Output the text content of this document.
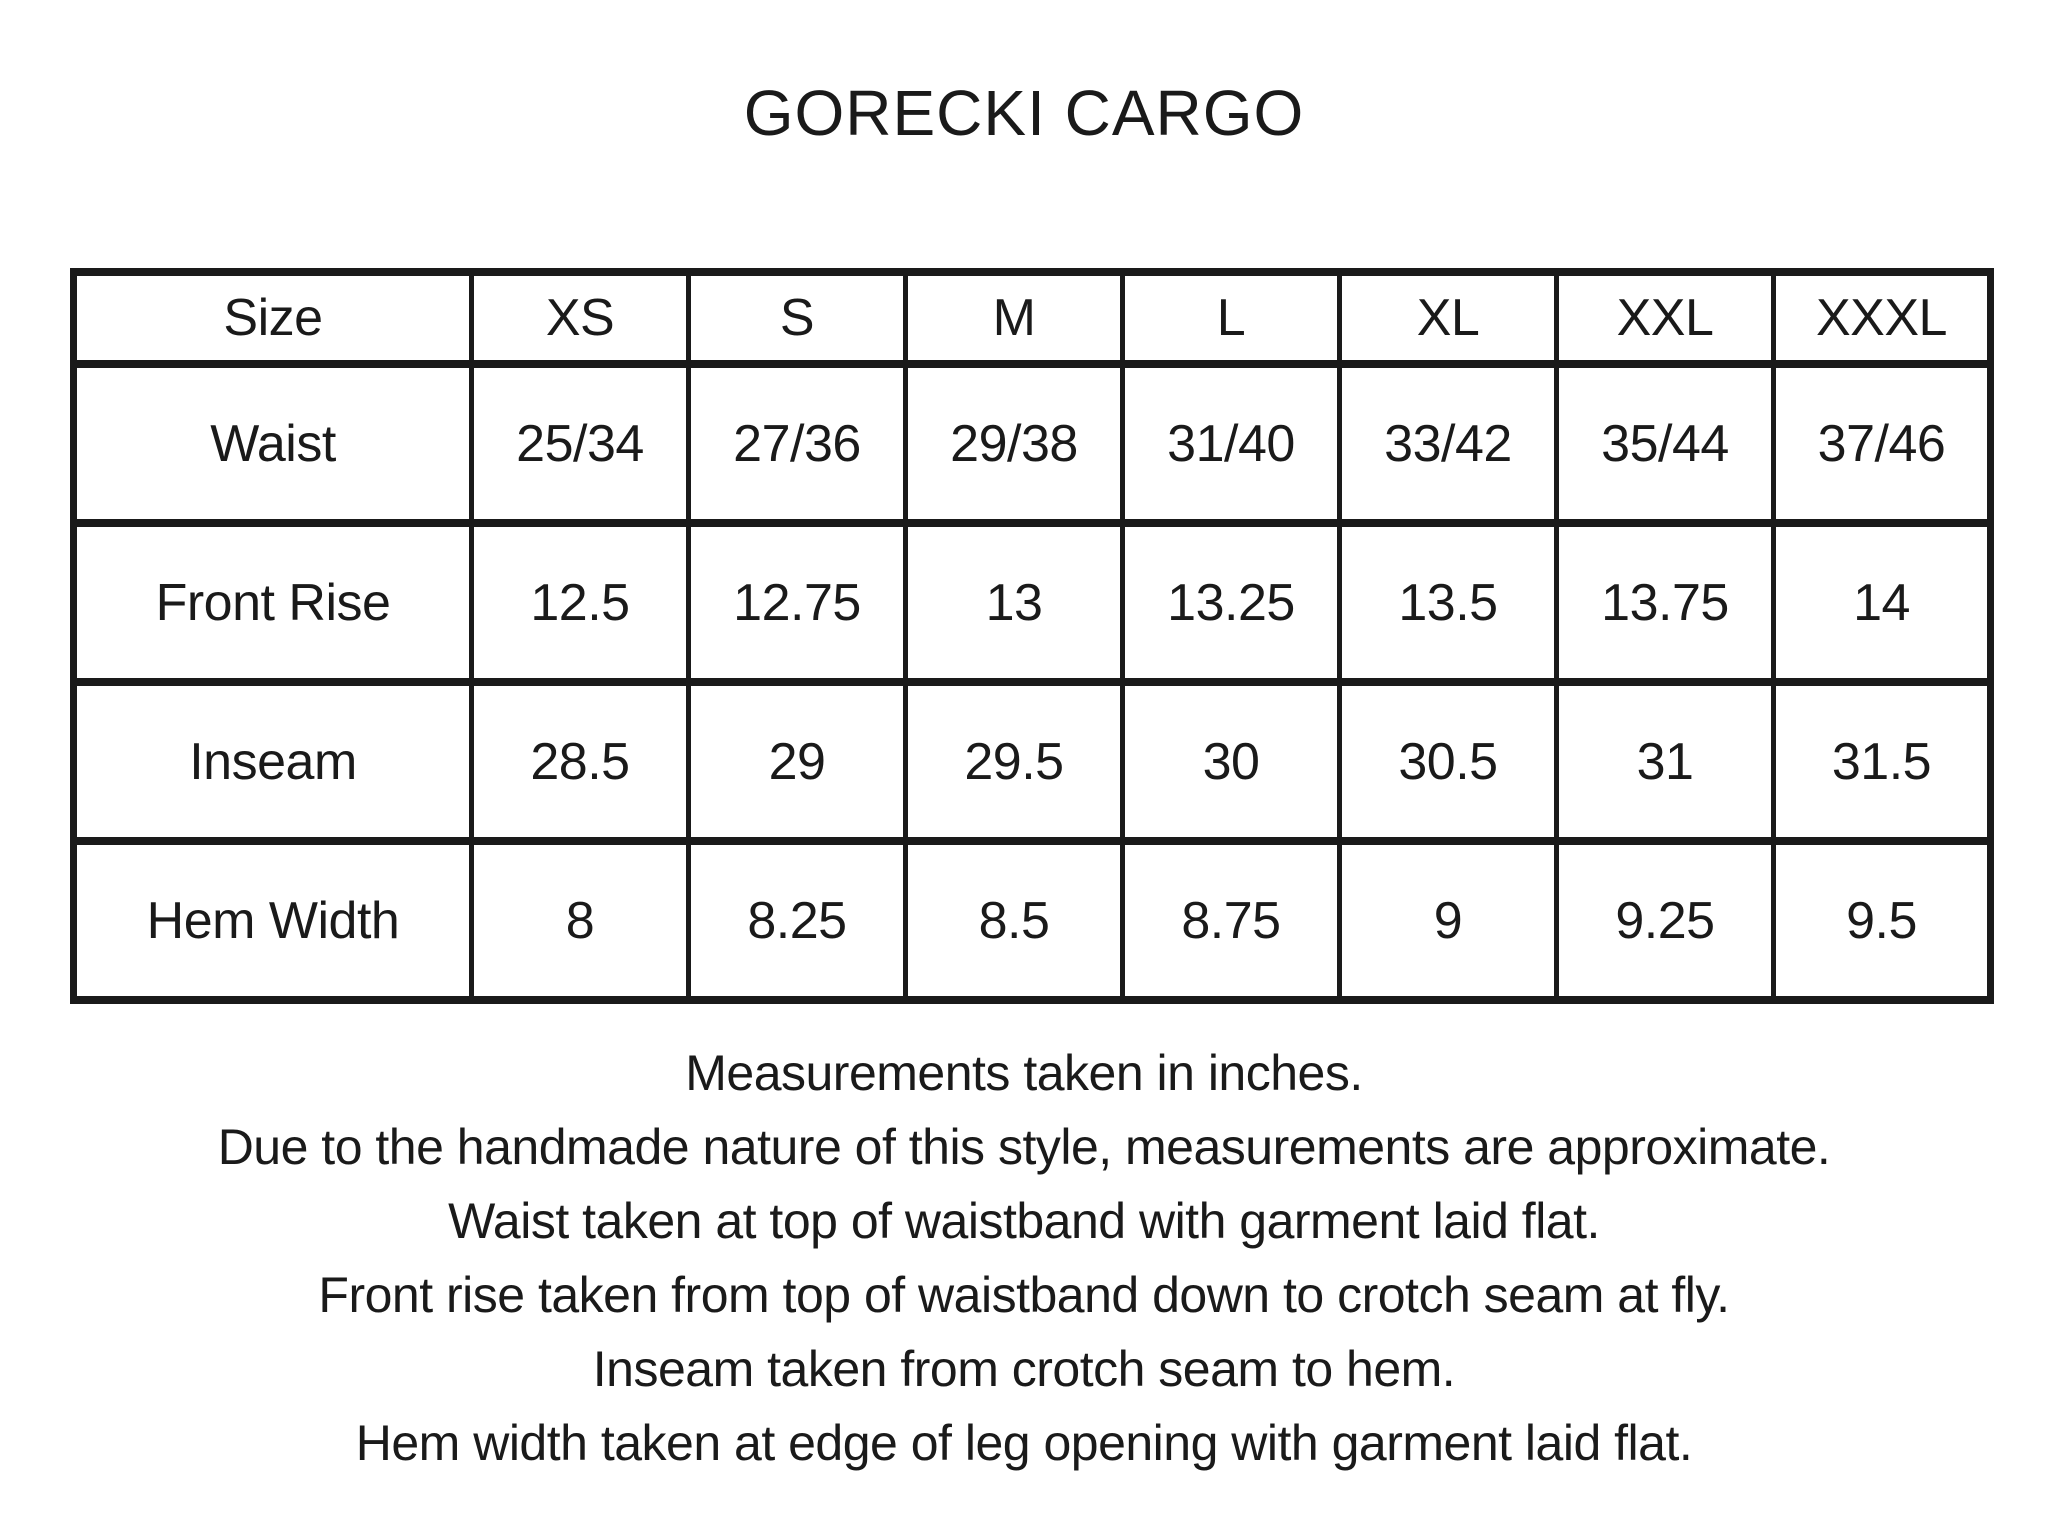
GORECKI CARGO
Size	XS	S	M	L	XL	XXL	XXXL
Waist	25/34	27/36	29/38	31/40	33/42	35/44	37/46
Front Rise	12.5	12.75	13	13.25	13.5	13.75	14
Inseam	28.5	29	29.5	30	30.5	31	31.5
Hem Width	8	8.25	8.5	8.75	9	9.25	9.5

Measurements taken in inches.

Due to the handmade nature of this style, measurements are approximate.

Waist taken at top of waistband with garment laid flat.

Front rise taken from top of waistband down to crotch seam at fly.

Inseam taken from crotch seam to hem.

Hem width taken at edge of leg opening with garment laid flat.
